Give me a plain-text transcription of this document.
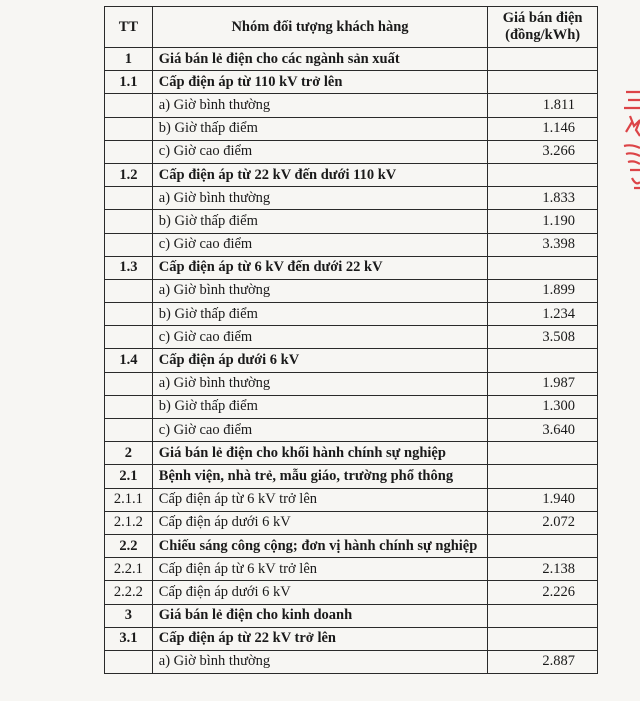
TT	Nhóm đối tượng khách hàng	Giá bán điện
(đồng/kWh)
1	Giá bán lẻ điện cho các ngành sản xuất	
1.1	Cấp điện áp từ 110 kV trở lên	
	a) Giờ bình thường	1.811
	b) Giờ thấp điểm	1.146
	c) Giờ cao điểm	3.266
1.2	Cấp điện áp từ 22 kV đến dưới 110 kV	
	a) Giờ bình thường	1.833
	b) Giờ thấp điểm	1.190
	c) Giờ cao điểm	3.398
1.3	Cấp điện áp từ 6 kV đến dưới 22 kV	
	a) Giờ bình thường	1.899
	b) Giờ thấp điểm	1.234
	c) Giờ cao điểm	3.508
1.4	Cấp điện áp dưới 6 kV	
	a) Giờ bình thường	1.987
	b) Giờ thấp điểm	1.300
	c) Giờ cao điểm	3.640
2	Giá bán lẻ điện cho khối hành chính sự nghiệp	
2.1	Bệnh viện, nhà trẻ, mẫu giáo, trường phổ thông	
2.1.1	Cấp điện áp từ 6 kV trở lên	1.940
2.1.2	Cấp điện áp dưới 6 kV	2.072
2.2	Chiếu sáng công cộng; đơn vị hành chính sự nghiệp	
2.2.1	Cấp điện áp từ 6 kV trở lên	2.138
2.2.2	Cấp điện áp dưới 6 kV	2.226
3	Giá bán lẻ điện cho kinh doanh	
3.1	Cấp điện áp từ 22 kV trở lên	
	a) Giờ bình thường	2.887
